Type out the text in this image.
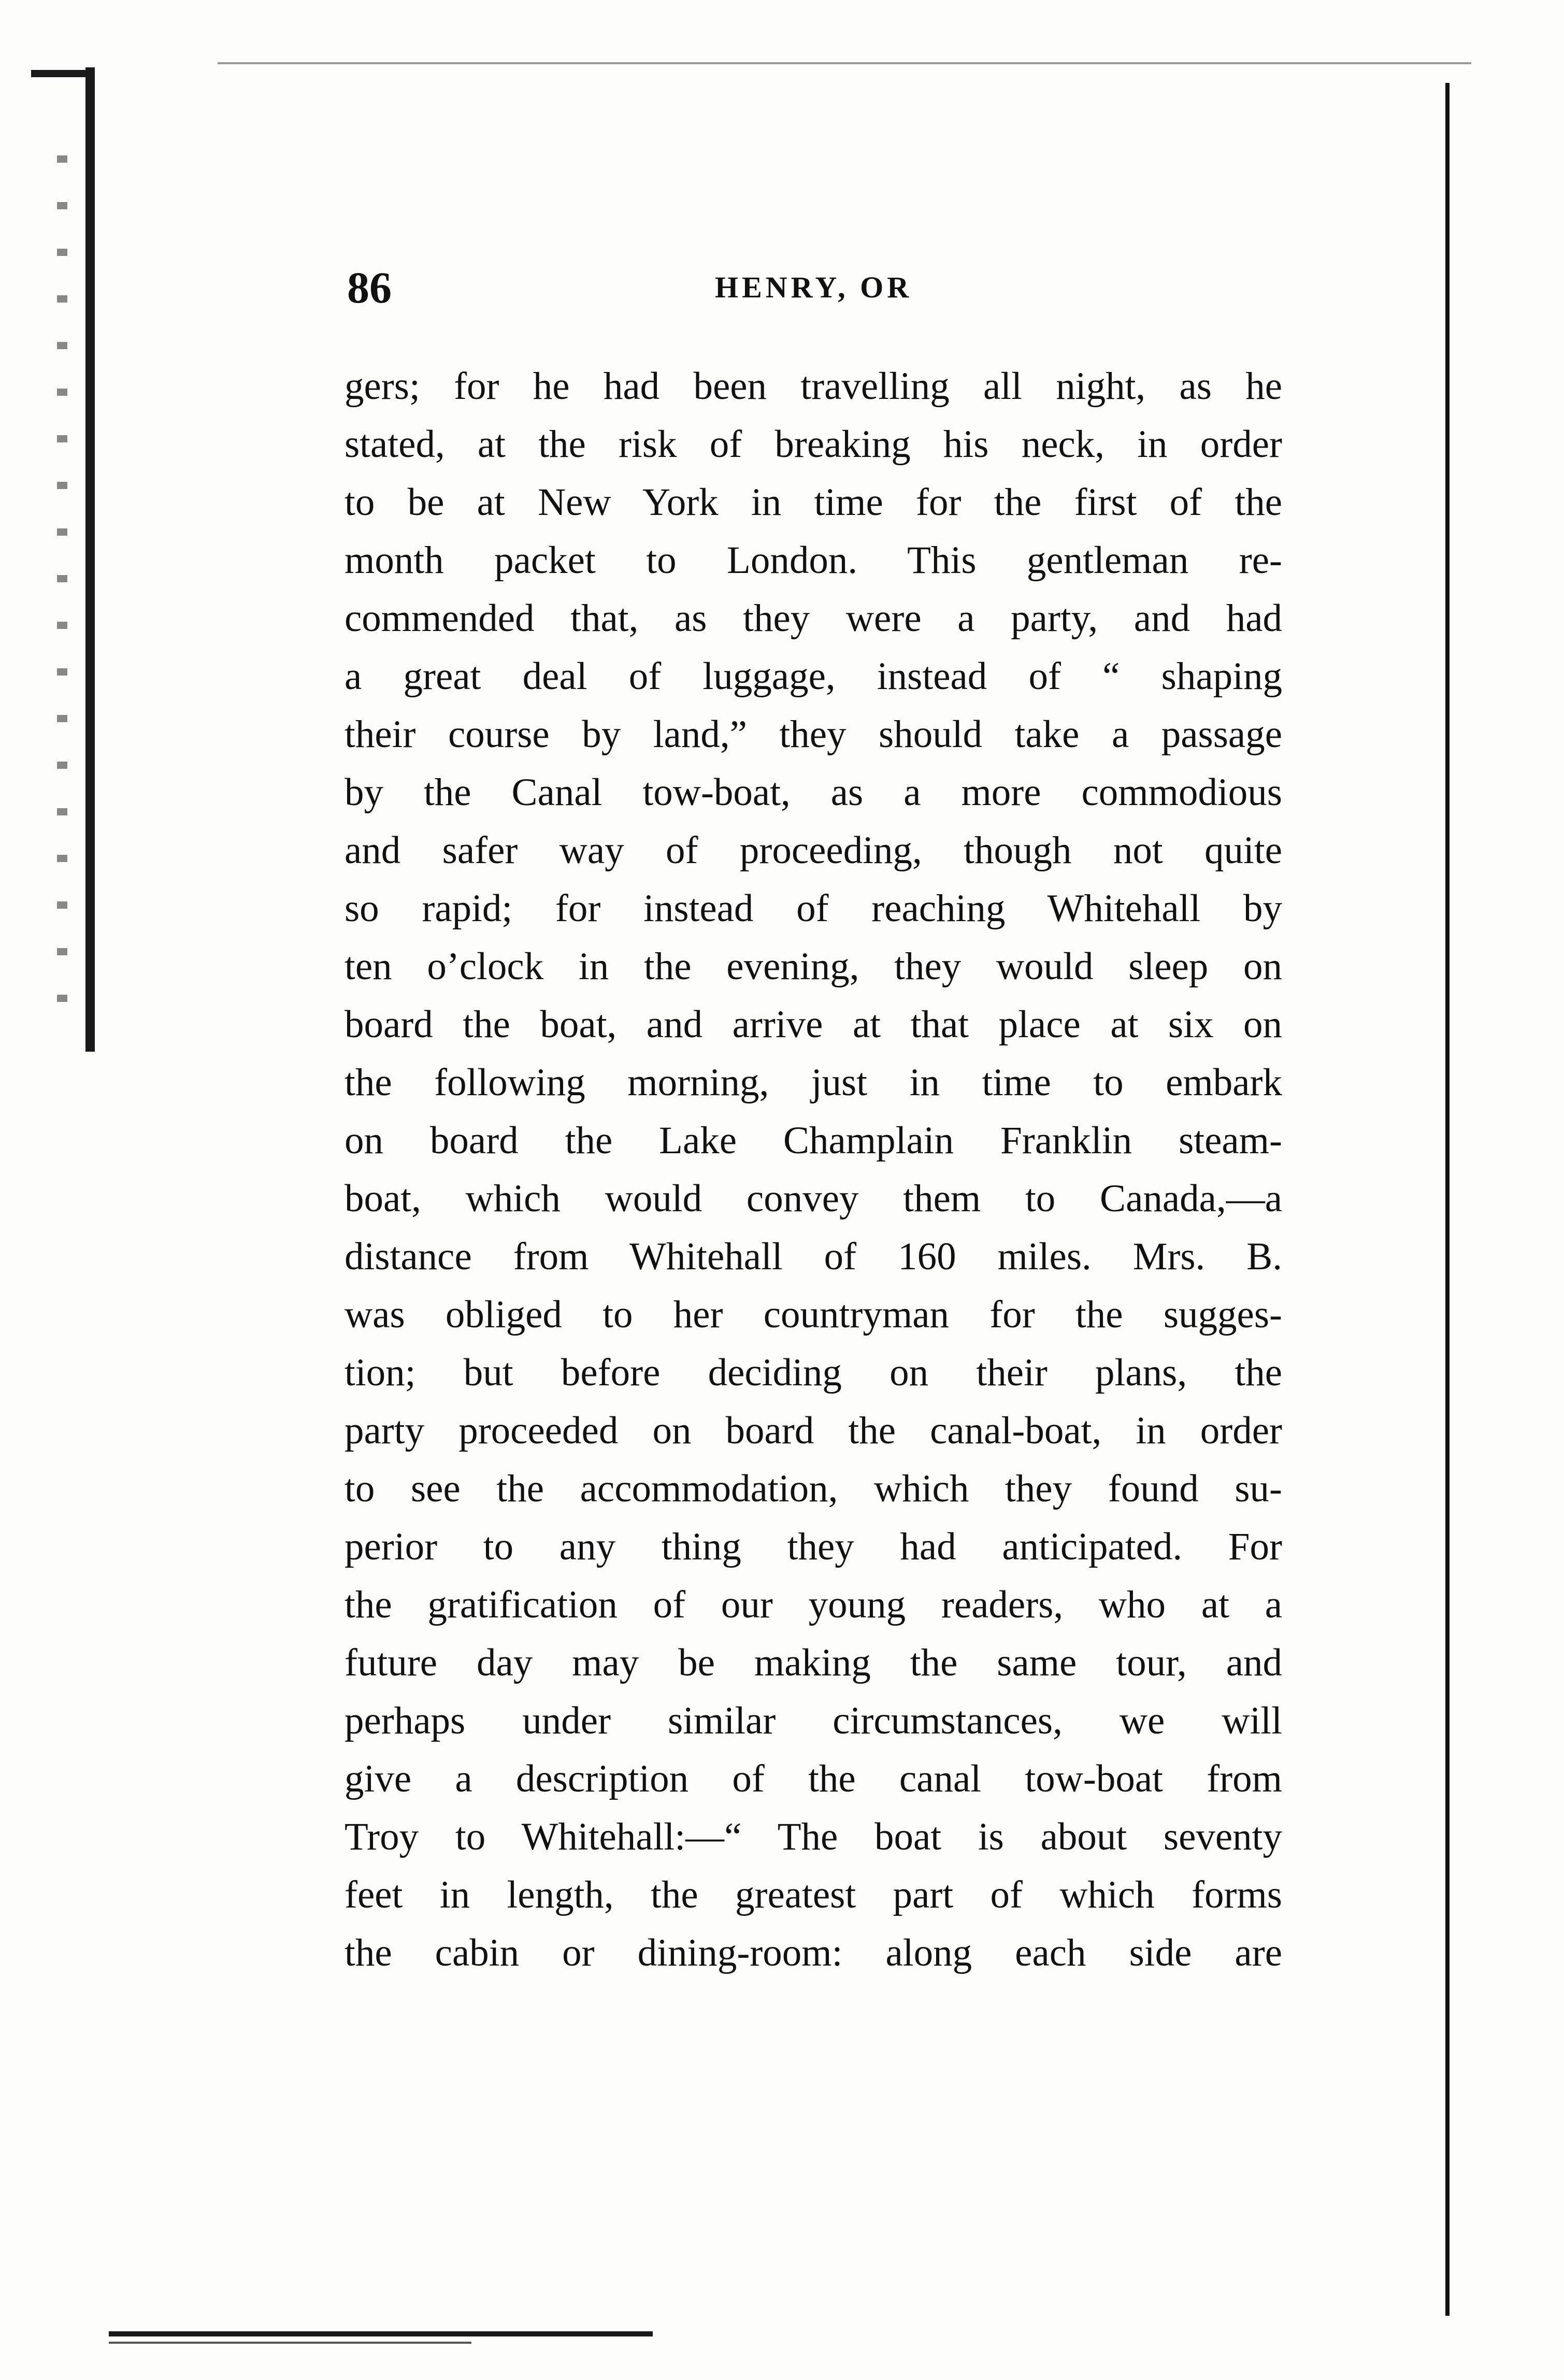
86	HENRY, OR
gers; for he had been travelling all night, as he
stated, at the risk of breaking his neck, in order
to be at New York in time for the first of the
month packet to London. This gentleman re-
commended that, as they were a party, and had
a great deal of luggage, instead of “ shaping
their course by land,” they should take a passage
by the Canal tow-boat, as a more commodious
and safer way of proceeding, though not quite
so rapid; for instead of reaching Whitehall by
ten o’clock in the evening, they would sleep on
board the boat, and arrive at that place at six on
the following morning, just in time to embark
on board the Lake Champlain Franklin steam-
boat, which would convey them to Canada,—a
distance from Whitehall of 160 miles. Mrs. B.
was obliged to her countryman for the sugges-
tion; but before deciding on their plans, the
party proceeded on board the canal-boat, in order
to see the accommodation, which they found su-
perior to any thing they had anticipated. For
the gratification of our young readers, who at a
future day may be making the same tour, and
perhaps under similar circumstances, we will
give a description of the canal tow-boat from
Troy to Whitehall:—“ The boat is about seventy
feet in length, the greatest part of which forms
the cabin or dining-room: along each side are
